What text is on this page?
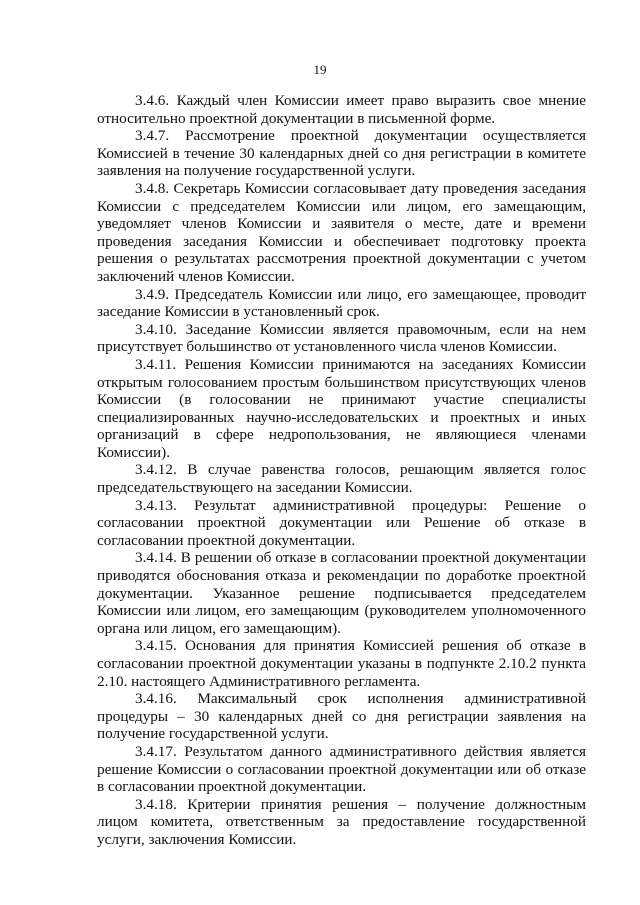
19

3.4.6. Каждый член Комиссии имеет право выразить свое мнение относительно проектной документации в письменной форме.

3.4.7. Рассмотрение проектной документации осуществляется Комиссией в течение 30 календарных дней со дня регистрации в комитете заявления на получение государственной услуги.

3.4.8. Секретарь Комиссии согласовывает дату проведения заседания Комиссии с председателем Комиссии или лицом, его замещающим, уведомляет членов Комиссии и заявителя о месте, дате и времени проведения заседания Комиссии и обеспечивает подготовку проекта решения о результатах рассмотрения проектной документации с учетом заключений членов Комиссии.

3.4.9. Председатель Комиссии или лицо, его замещающее, проводит заседание Комиссии в установленный срок.

3.4.10. Заседание Комиссии является правомочным, если на нем присутствует большинство от установленного числа членов Комиссии.

3.4.11. Решения Комиссии принимаются на заседаниях Комиссии открытым голосованием простым большинством присутствующих членов Комиссии (в голосовании не принимают участие специалисты специализированных научно-исследовательских и проектных и иных организаций в сфере недропользования, не являющиеся членами Комиссии).

3.4.12. В случае равенства голосов, решающим является голос председательствующего на заседании Комиссии.

3.4.13. Результат административной процедуры: Решение о согласовании проектной документации или Решение об отказе в согласовании проектной документации.

3.4.14. В решении об отказе в согласовании проектной документации приводятся обоснования отказа и рекомендации по доработке проектной документации. Указанное решение подписывается председателем Комиссии или лицом, его замещающим (руководителем уполномоченного органа или лицом, его замещающим).

3.4.15. Основания для принятия Комиссией решения об отказе в согласовании проектной документации указаны в подпункте 2.10.2 пункта 2.10. настоящего Административного регламента.

3.4.16. Максимальный срок исполнения административной процедуры – 30 календарных дней со дня регистрации заявления на получение государственной услуги.

3.4.17. Результатом данного административного действия является решение Комиссии о согласовании проектной документации или об отказе в согласовании проектной документации.

3.4.18. Критерии принятия решения – получение должностным лицом комитета, ответственным за предоставление государственной услуги, заключения Комиссии.
